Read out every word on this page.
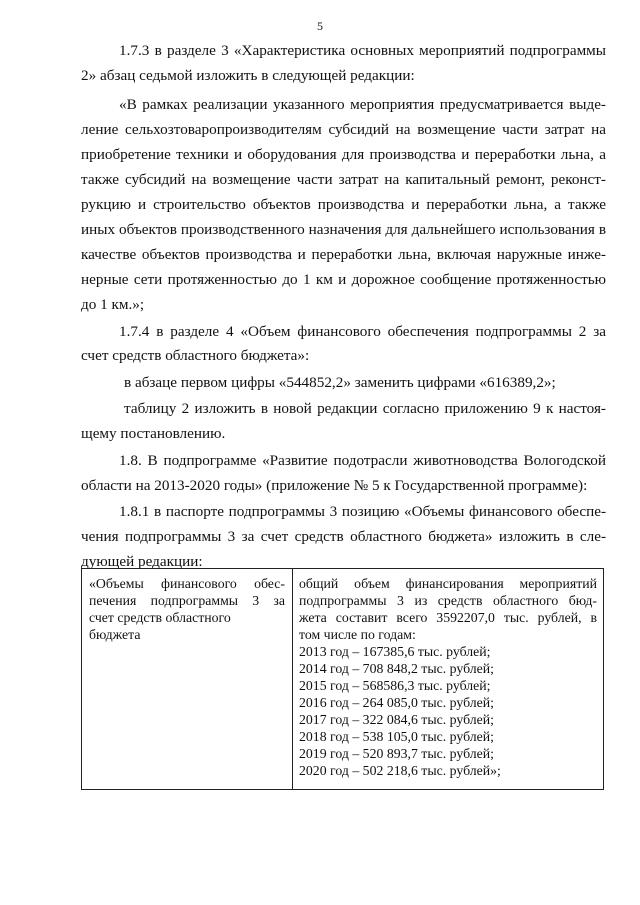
5
1.7.3 в разделе 3 «Характеристика основных мероприятий подпрограммы
2» абзац седьмой изложить в следующей редакции:
«В рамках реализации указанного мероприятия предусматривается выде-
ление сельхозтоваропроизводителям субсидий на возмещение части затрат на
приобретение техники и оборудования для производства и переработки льна, а
также субсидий на возмещение части затрат на капитальный ремонт, реконст-
рукцию и строительство объектов производства и переработки льна, а также
иных объектов производственного назначения для дальнейшего использования в
качестве объектов производства и переработки льна, включая наружные инже-
нерные сети протяженностью до 1 км и дорожное сообщение протяженностью
до 1 км.»;
1.7.4 в разделе 4 «Объем финансового обеспечения подпрограммы 2 за
счет средств областного бюджета»:
в абзаце первом цифры «544852,2» заменить цифрами «616389,2»;
таблицу 2 изложить в новой редакции согласно приложению 9 к настоя-
щему постановлению.
1.8. В подпрограмме «Развитие подотрасли животноводства Вологодской
области на 2013-2020 годы» (приложение № 5 к Государственной программе):
1.8.1 в паспорте подпрограммы 3 позицию «Объемы финансового обеспе-
чения подпрограммы 3 за счет средств областного бюджета» изложить в сле-
дующей редакции:
«Объемы финансового обес-
печения подпрограммы 3 за
счет средств областного
бюджета
общий объем финансирования мероприятий
подпрограммы 3 из средств областного бюд-
жета составит всего 3592207,0 тыс. рублей, в
том числе по годам:
2013 год – 167385,6 тыс. рублей;
2014 год – 708 848,2 тыс. рублей;
2015 год – 568586,3 тыс. рублей;
2016 год – 264 085,0 тыс. рублей;
2017 год – 322 084,6 тыс. рублей;
2018 год – 538 105,0 тыс. рублей;
2019 год – 520 893,7 тыс. рублей;
2020 год – 502 218,6 тыс. рублей»;
